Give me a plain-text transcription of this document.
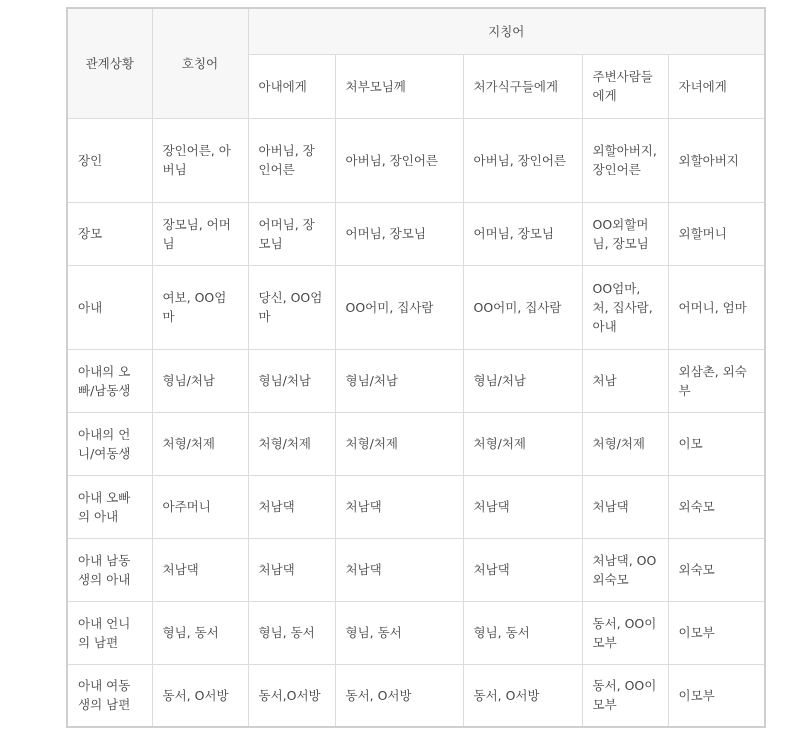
관계상황	호칭어	지칭어				
		아내에게	처부모님께	처가식구들에게	주변사람들에게	자녀에게
장인	장인어른, 아버님	아버님, 장인어른	아버님, 장인어른	아버님, 장인어른	외할아버지, 장인어른	외할아버지
장모	장모님, 어머님	어머님, 장모님	어머님, 장모님	어머님, 장모님	OO외할머님, 장모님	외할머니
아내	여보, OO엄마	당신, OO엄마	OO어미, 집사람	OO어미, 집사람	OO엄마, 처, 집사람, 아내	어머니, 엄마
아내의 오빠/남동생	형님/처남	형님/처남	형님/처남	형님/처남	처남	외삼촌, 외숙부
아내의 언니/여동생	처형/처제	처형/처제	처형/처제	처형/처제	처형/처제	이모
아내 오빠의 아내	아주머니	처남댁	처남댁	처남댁	처남댁	외숙모
아내 남동생의 아내	처남댁	처남댁	처남댁	처남댁	처남댁, OO외숙모	외숙모
아내 언니의 남편	형님, 동서	형님, 동서	형님, 동서	형님, 동서	동서, OO이모부	이모부
아내 여동생의 남편	동서, O서방	동서,O서방	동서, O서방	동서, O서방	동서, OO이모부	이모부
